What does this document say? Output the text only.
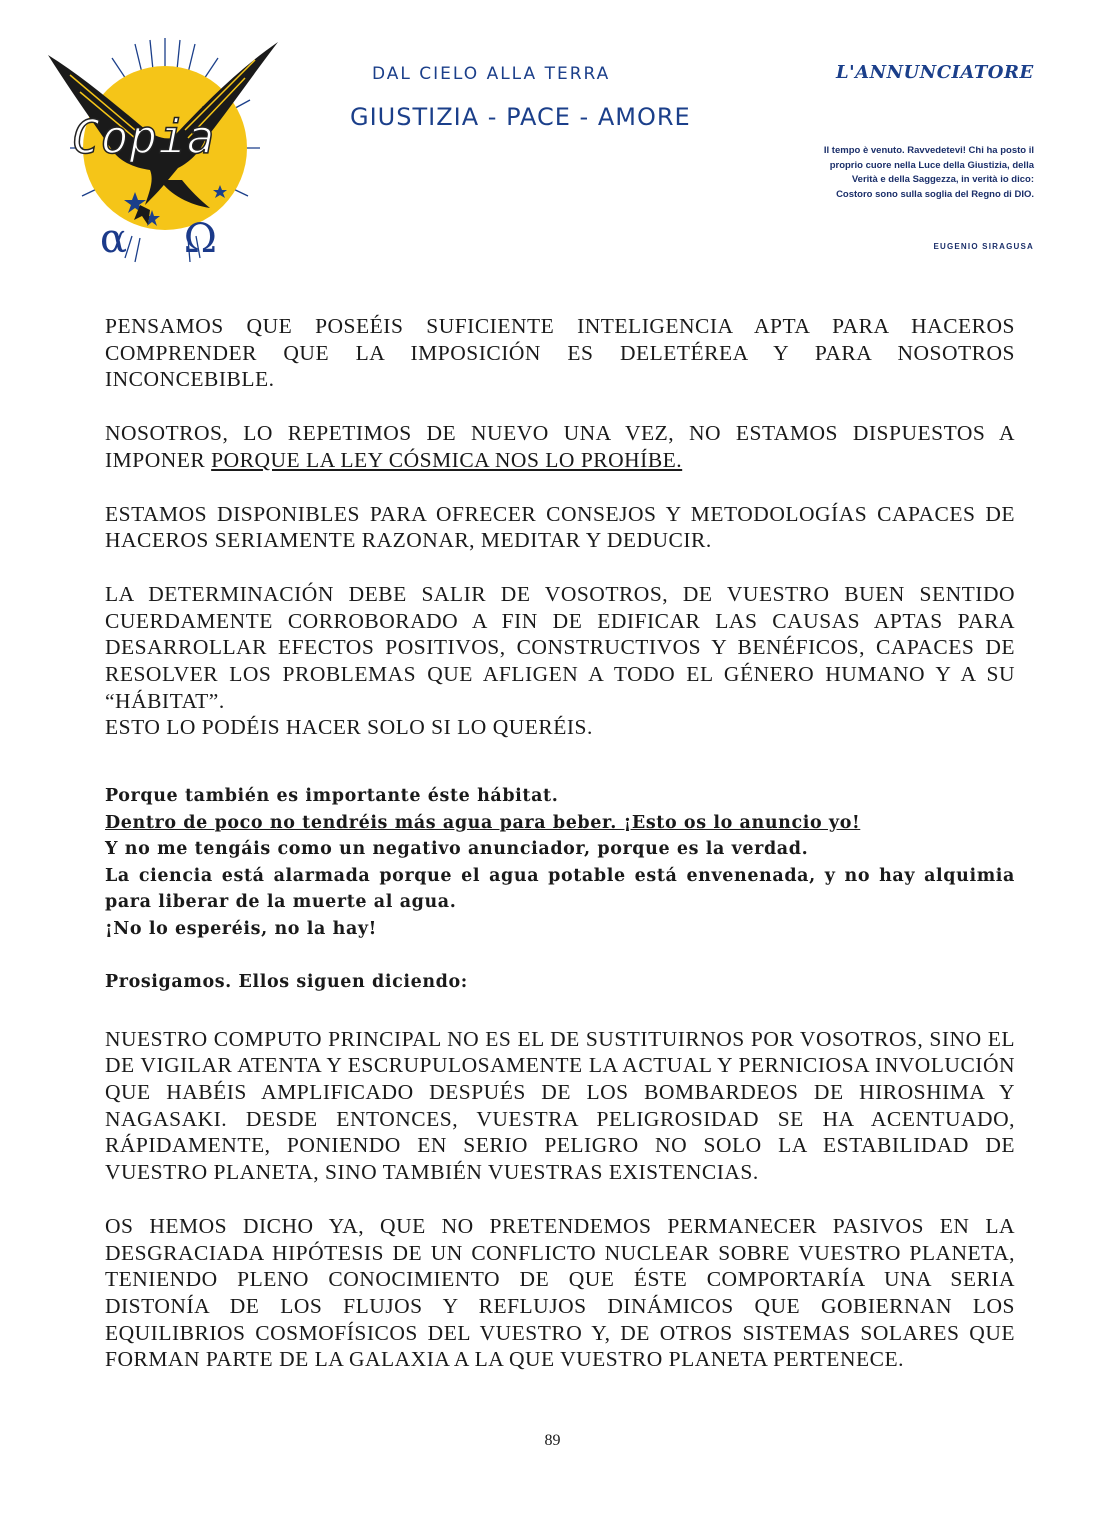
Copia
α Ω
DAL CIELO ALLA TERRA
GIUSTIZIA - PACE - AMORE
L'ANNUNCIATORE
Il tempo è venuto. Ravvedetevi! Chi ha posto il proprio cuore nella Luce della Giustizia, della Verità e della Saggezza, in verità io dico: Costoro sono sulla soglia del Regno di DIO.
EUGENIO SIRAGUSA

PENSAMOS QUE POSEÉIS SUFICIENTE INTELIGENCIA APTA PARA HACEROS COMPRENDER QUE LA IMPOSICIÓN ES DELETÉREA Y PARA NOSOTROS INCONCEBIBLE.

NOSOTROS, LO REPETIMOS DE NUEVO UNA VEZ, NO ESTAMOS DISPUESTOS A IMPONER PORQUE LA LEY CÓSMICA NOS LO PROHÍBE.

ESTAMOS DISPONIBLES PARA OFRECER CONSEJOS Y METODOLOGÍAS CAPACES DE HACEROS SERIAMENTE RAZONAR, MEDITAR Y DEDUCIR.

LA DETERMINACIÓN DEBE SALIR DE VOSOTROS, DE VUESTRO BUEN SENTIDO CUERDAMENTE CORROBORADO A FIN DE EDIFICAR LAS CAUSAS APTAS PARA DESARROLLAR EFECTOS POSITIVOS, CONSTRUCTIVOS Y BENÉFICOS, CAPACES DE RESOLVER LOS PROBLEMAS QUE AFLIGEN A TODO EL GÉNERO HUMANO Y A SU “HÁBITAT”.

ESTO LO PODÉIS HACER SOLO SI LO QUERÉIS.

Porque también es importante éste hábitat.

Dentro de poco no tendréis más agua para beber. ¡Esto os lo anuncio yo!

Y no me tengáis como un negativo anunciador, porque es la verdad.

La ciencia está alarmada porque el agua potable está envenenada, y no hay alquimia para liberar de la muerte al agua.

¡No lo esperéis, no la hay!

Prosigamos. Ellos siguen diciendo:

NUESTRO COMPUTO PRINCIPAL NO ES EL DE SUSTITUIRNOS POR VOSOTROS, SINO EL DE VIGILAR ATENTA Y ESCRUPULOSAMENTE LA ACTUAL Y PERNICIOSA INVOLUCIÓN QUE HABÉIS AMPLIFICADO DESPUÉS DE LOS BOMBARDEOS DE HIROSHIMA Y NAGASAKI. DESDE ENTONCES, VUESTRA PELIGROSIDAD SE HA ACENTUADO, RÁPIDAMENTE, PONIENDO EN SERIO PELIGRO NO SOLO LA ESTABILIDAD DE VUESTRO PLANETA, SINO TAMBIÉN VUESTRAS EXISTENCIAS.

OS HEMOS DICHO YA, QUE NO PRETENDEMOS PERMANECER PASIVOS EN LA DESGRACIADA HIPÓTESIS DE UN CONFLICTO NUCLEAR SOBRE VUESTRO PLANETA, TENIENDO PLENO CONOCIMIENTO DE QUE ÉSTE COMPORTARÍA UNA SERIA DISTONÍA DE LOS FLUJOS Y REFLUJOS DINÁMICOS QUE GOBIERNAN LOS EQUILIBRIOS COSMOFÍSICOS DEL VUESTRO Y, DE OTROS SISTEMAS SOLARES QUE FORMAN PARTE DE LA GALAXIA A LA QUE VUESTRO PLANETA PERTENECE.

89
